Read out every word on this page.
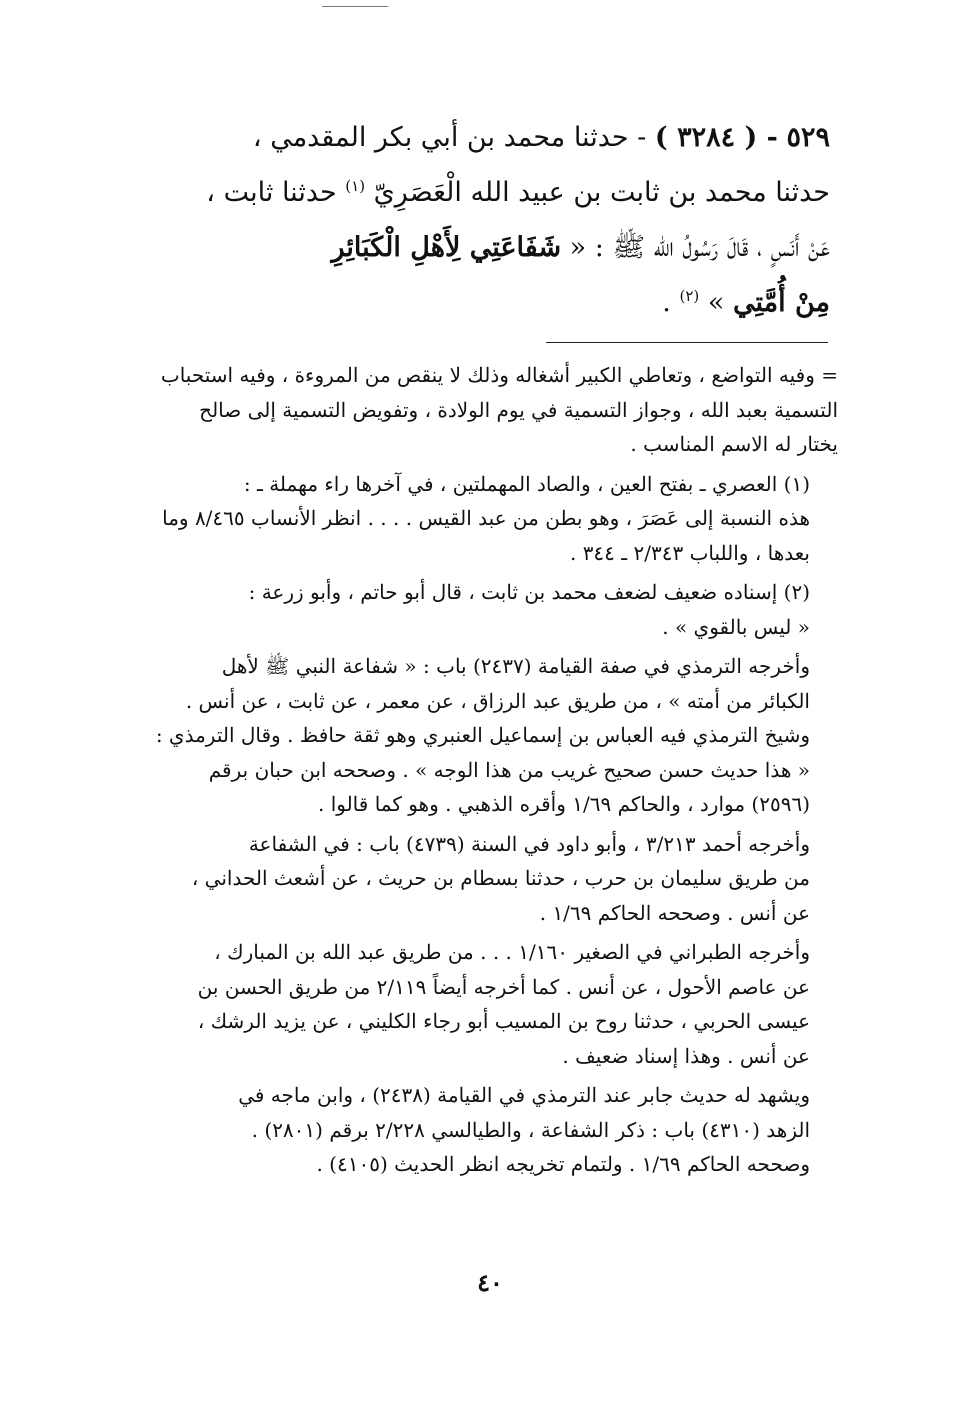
٥٢٩ - ( ٣٢٨٤ ) - حدثنا محمد بن أبي بكر المقدمي ،
حدثنا محمد بن ثابت بن عبيد الله الْعَصَرِيّ $^{(١)}$ حدثنا ثابت ،
عَنْ أَنَسٍ ، قَالَ رَسُولُ الله ﷺ : « شَفَاعَتِي لِأَهْلِ الْكَبَائِرِ
مِنْ أُمَّتِي » $^{(٢)}$ .
= وفيه التواضع ، وتعاطي الكبير أشغاله وذلك لا ينقص من المروءة ، وفيه استحباب
التسمية بعبد الله ، وجواز التسمية في يوم الولادة ، وتفويض التسمية إلى صالح
يختار له الاسم المناسب .
(١) العصري ـ بفتح العين ، والصاد المهملتين ، في آخرها راء مهملة ـ :
هذه النسبة إلى عَصَرَ ، وهو بطن من عبد القيس . . . . انظر الأنساب ٨/٤٦٥ وما
بعدها ، واللباب ٢/٣٤٣ ـ ٣٤٤ .
(٢) إسناده ضعيف لضعف محمد بن ثابت ، قال أبو حاتم ، وأبو زرعة :
« ليس بالقوي » .
وأخرجه الترمذي في صفة القيامة (٢٤٣٧) باب : « شفاعة النبي ﷺ لأهل
الكبائر من أمته » ، من طريق عبد الرزاق ، عن معمر ، عن ثابت ، عن أنس .
وشيخ الترمذي فيه العباس بن إسماعيل العنبري وهو ثقة حافظ . وقال الترمذي :
« هذا حديث حسن صحيح غريب من هذا الوجه » . وصححه ابن حبان برقم
(٢٥٩٦) موارد ، والحاكم ١/٦٩ وأقره الذهبي . وهو كما قالوا .
وأخرجه أحمد ٣/٢١٣ ، وأبو داود في السنة (٤٧٣٩) باب : في الشفاعة
من طريق سليمان بن حرب ، حدثنا بسطام بن حريث ، عن أشعث الحداني ،
عن أنس . وصححه الحاكم ١/٦٩ .
وأخرجه الطبراني في الصغير ١/١٦٠ . . . من طريق عبد الله بن المبارك ،
عن عاصم الأحول ، عن أنس . كما أخرجه أيضاً ٢/١١٩ من طريق الحسن بن
عيسى الحربي ، حدثنا روح بن المسيب أبو رجاء الكليني ، عن يزيد الرشك ،
عن أنس . وهذا إسناد ضعيف .
ويشهد له حديث جابر عند الترمذي في القيامة (٢٤٣٨) ، وابن ماجه في
الزهد (٤٣١٠) باب : ذكر الشفاعة ، والطيالسي ٢/٢٢٨ برقم (٢٨٠١) .
وصححه الحاكم ١/٦٩ . ولتمام تخريجه انظر الحديث (٤١٠٥) .
٤٠
